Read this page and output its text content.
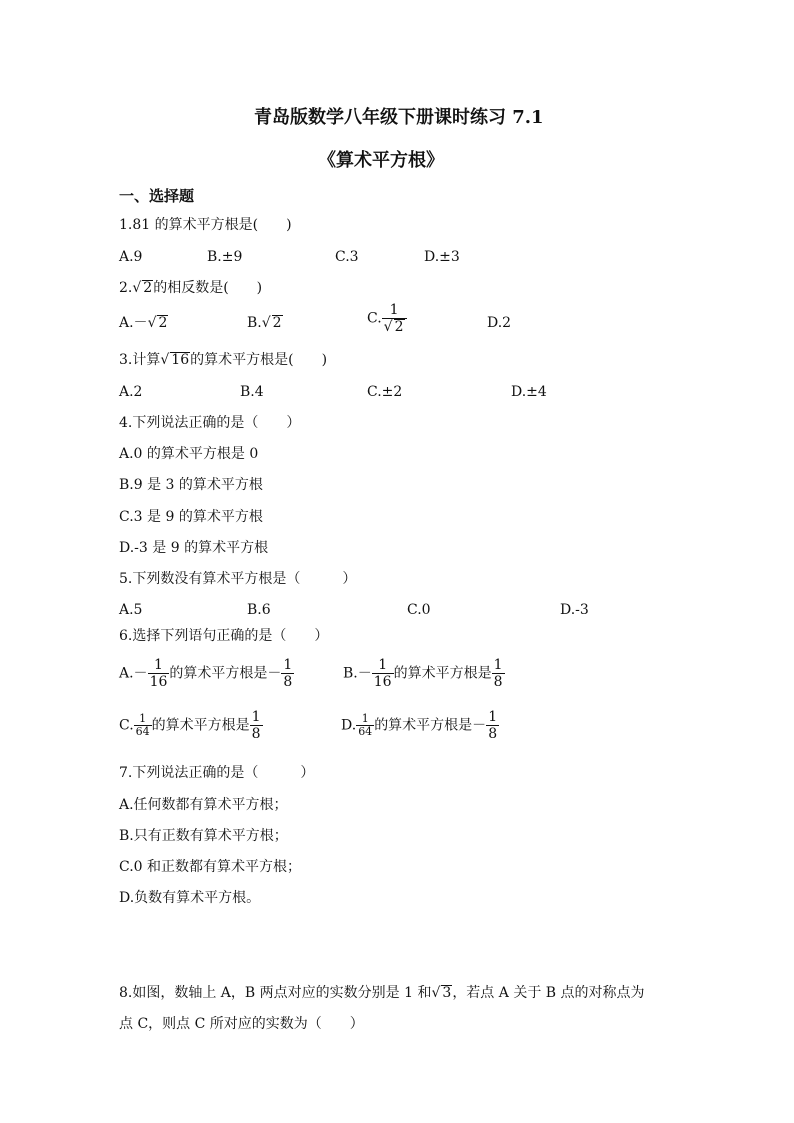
青岛版数学八年级下册课时练习 7.1
《算术平方根》
一、选择题
1.81 的算术平方根是(　　)
A.9	B.±9	C.3	D.±3
2.√ 2的相反数是(　　)
A.－√ 2	B.√ 2	C. $\frac{1}{√ 2}$	D.2
3.计算√ 16的算术平方根是(　　)
A.2	B.4	C.±2	D.±4
4.下列说法正确的是（　　）
A.0 的算术平方根是 0
B.9 是 3 的算术平方根
C.3 是 9 的算术平方根
D.-3 是 9 的算术平方根
5.下列数没有算术平方根是（　　　）
A.5	B.6	C.0	D.-3
6.选择下列语句正确的是（　　）
$A.- \frac{1}{16}$ 的算术平方根是－ $\frac{1}{8}$	$B.- \frac{1}{16}$ 的算术平方根是 $\frac{1}{8}$
C. $\frac{1}{64}$ 的算术平方根是 $\frac{1}{8}$	D. $\frac{1}{64}$ 的算术平方根是－ $\frac{1}{8}$
7.下列说法正确的是（　　　）
A.任何数都有算术平方根；
B.只有正数有算术平方根；
C.0 和正数都有算术平方根；
D.负数有算术平方根。
8.如图，数轴上 A，B 两点对应的实数分别是 1 和√ 3，若点 A 关于 B 点的对称点为
点 C，则点 C 所对应的实数为（　　）
